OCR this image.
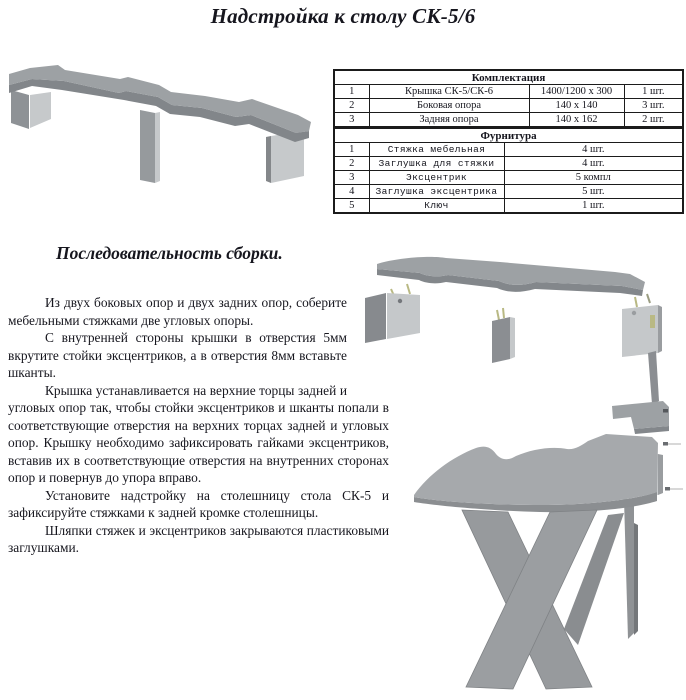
Надстройка к столу СК-5/6
Комплектация			
1	Крышка СК-5/СК-6	1400/1200 x 300	1 шт.
2	Боковая опора	140 x 140	3 шт.
3	Задняя опора	140 x 162	2 шт.
Фурнитура		
1	Стяжка мебельная	4 шт.
2	Заглушка для стяжки	4 шт.
3	Эксцентрик	5 компл
4	Заглушка эксцентрика	5 шт.
5	Ключ	1 шт.
Последовательность сборки.

Из двух боковых опор и двух задних опор, соберите мебельными стяжками две угловых опоры.

С внутренней стороны крышки в отверстия 5мм вкрутите стойки эксцентриков, а в отверстия 8мм вставьте шканты.

Крышка устанавливается на верхние торцы задней и угловых опор так, чтобы стойки эксцентриков и шканты попали в соответствующие отверстия на верхних торцах задней и угловых опор. Крышку необходимо зафиксировать гайками эксцентриков, вставив их в соответствующие отверстия на внутренних сторонах опор и повернув до упора вправо.

Установите надстройку на столешницу стола СК-5 и зафиксируйте стяжками к задней кромке столешницы.

Шляпки стяжек и эксцентриков закрываются пластиковыми заглушками.
